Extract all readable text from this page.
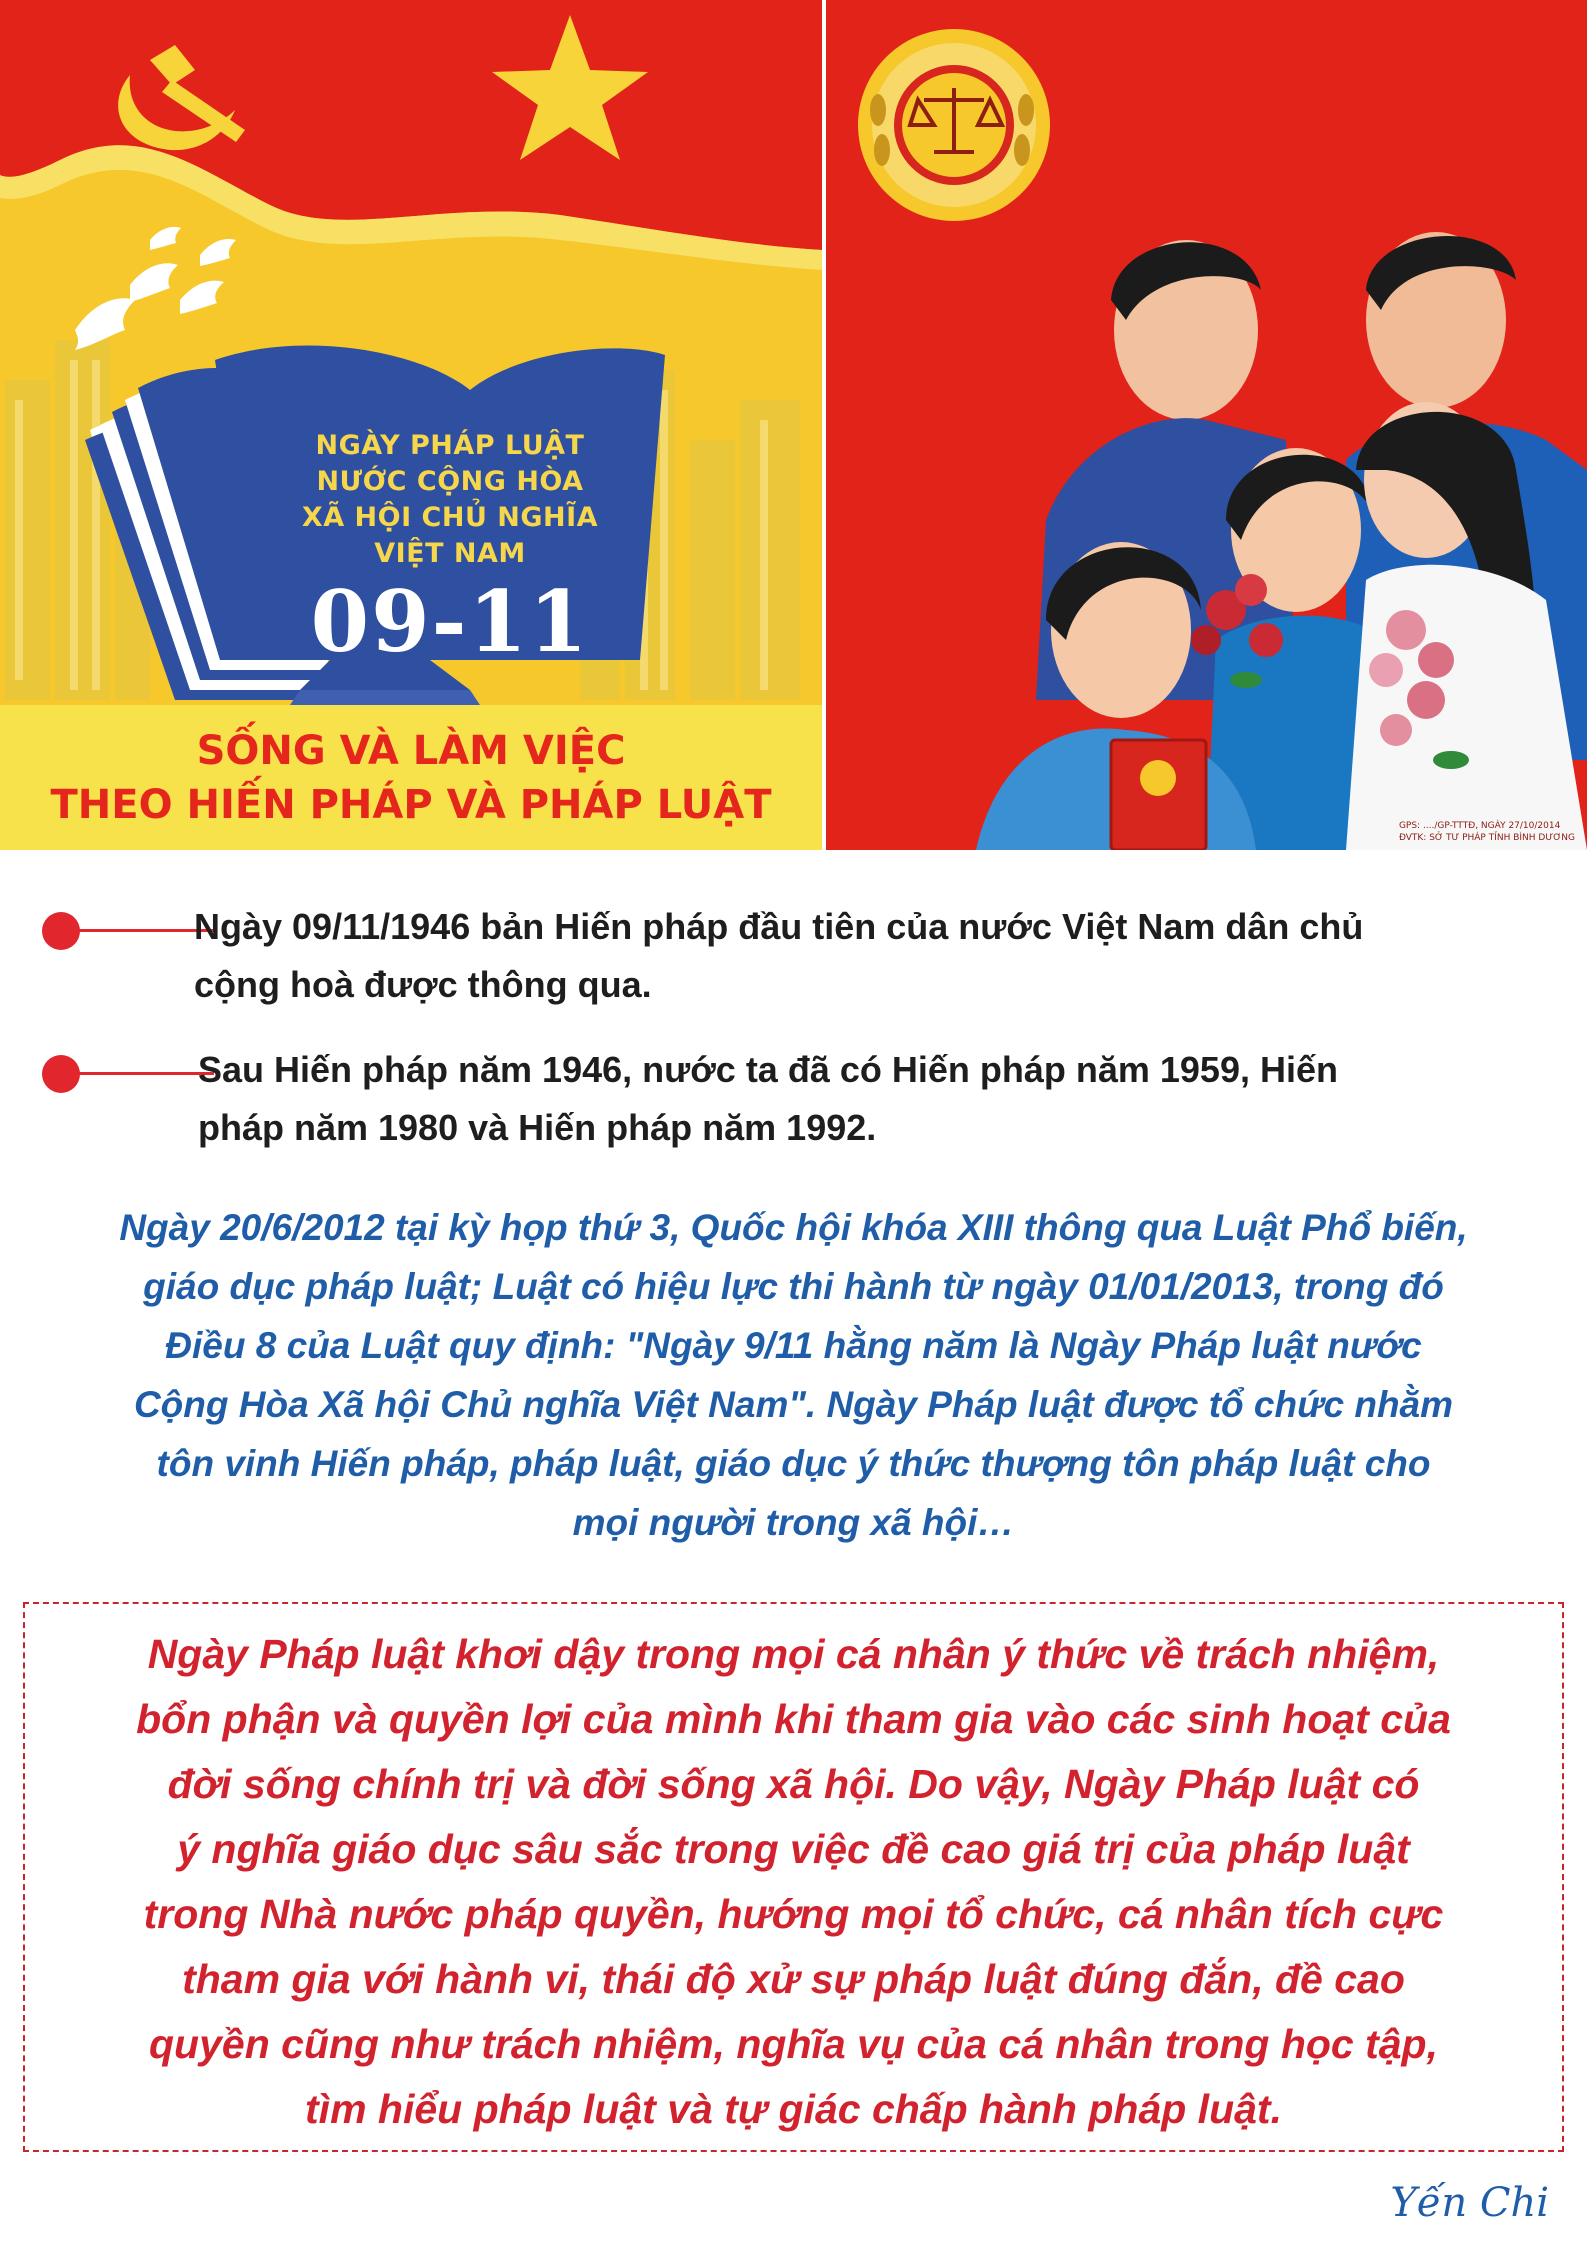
NGÀY PHÁP LUẬT
NƯỚC CỘNG HÒA
XÃ HỘI CHỦ NGHĨA
VIỆT NAM
09-11
SỐNG VÀ LÀM VIỆC
THEO HIẾN PHÁP VÀ PHÁP LUẬT	GPS: ..../GP-TTTĐ, NGÀY 27/10/2014
ĐVTK: SỞ TƯ PHÁP TỈNH BÌNH DƯƠNG
Ngày 09/11/1946 bản Hiến pháp đầu tiên của nước Việt Nam dân chủ
cộng hoà được thông qua.
Sau Hiến pháp năm 1946, nước ta đã có Hiến pháp năm 1959, Hiến
pháp năm 1980 và Hiến pháp năm 1992.
Ngày 20/6/2012 tại kỳ họp thứ 3, Quốc hội khóa XIII thông qua Luật Phổ biến,
giáo dục pháp luật; Luật có hiệu lực thi hành từ ngày 01/01/2013, trong đó
Điều 8 của Luật quy định: "Ngày 9/11 hằng năm là Ngày Pháp luật nước
Cộng Hòa Xã hội Chủ nghĩa Việt Nam". Ngày Pháp luật được tổ chức nhằm
tôn vinh Hiến pháp, pháp luật, giáo dục ý thức thượng tôn pháp luật cho
mọi người trong xã hội…
Ngày Pháp luật khơi dậy trong mọi cá nhân ý thức về trách nhiệm,
bổn phận và quyền lợi của mình khi tham gia vào các sinh hoạt của
đời sống chính trị và đời sống xã hội. Do vậy, Ngày Pháp luật có
ý nghĩa giáo dục sâu sắc trong việc đề cao giá trị của pháp luật
trong Nhà nước pháp quyền, hướng mọi tổ chức, cá nhân tích cực
tham gia với hành vi, thái độ xử sự pháp luật đúng đắn, đề cao
quyền cũng như trách nhiệm, nghĩa vụ của cá nhân trong học tập,
tìm hiểu pháp luật và tự giác chấp hành pháp luật.
Yến Chi
